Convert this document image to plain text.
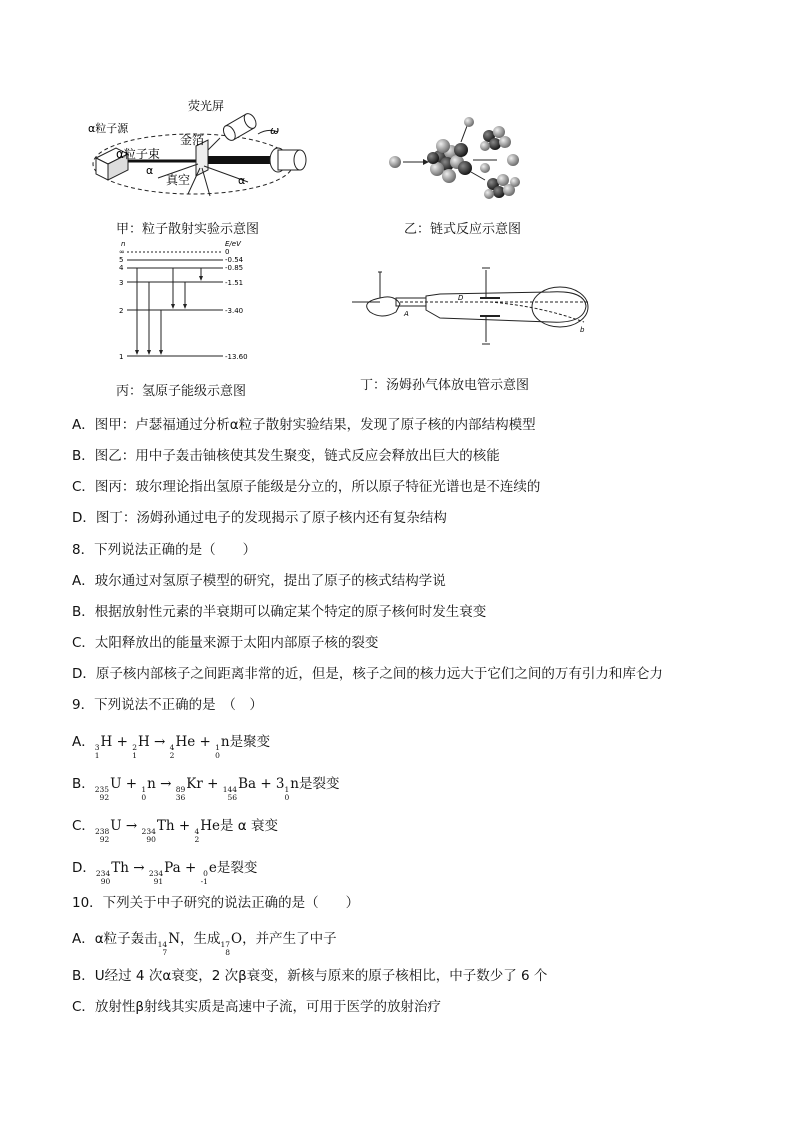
荧光屏
α粒子源
金箔
α粒子束
真空
α
α
ω
甲：粒子散射实验示意图	乙：链式反应示意图
n	E/eV
∞
5
4
3
2
1
0
-0.54
-0.85
-1.51
-3.40
-13.60
丙：氢原子能级示意图
A
D
b
丁：汤姆孙气体放电管示意图
A．图甲：卢瑟福通过分析α粒子散射实验结果，发现了原子核的内部结构模型
B．图乙：用中子轰击铀核使其发生聚变，链式反应会释放出巨大的核能
C．图丙：玻尔理论指出氢原子能级是分立的，所以原子特征光谱也是不连续的
D．图丁：汤姆孙通过电子的发现揭示了原子核内还有复杂结构
8．下列说法正确的是（　　）
A．玻尔通过对氢原子模型的研究，提出了原子的核式结构学说
B．根据放射性元素的半衰期可以确定某个特定的原子核何时发生衰变
C．太阳释放出的能量来源于太阳内部原子核的裂变
D．原子核内部核子之间距离非常的近，但是，核子之间的核力远大于它们之间的万有引力和库仑力
9．下列说法不正确的是　（　）
A． 3
1
H + 2
1
H → 4
2
He + 1
0
n是聚变
B． 235
92
U + 1
0
n → 89
36
Kr + 144
56
Ba + 3 1
0
n是裂变
C． 238
92
U → 234
90
Th + 4
2
He是 α 衰变
D． 234
90
Th → 234
91
Pa + 0
-1
e是裂变
10．下列关于中子研究的说法正确的是（　　）
A．α粒子轰击 14
7
N，生成 17
8
O，并产生了中子
B．U经过 4 次α衰变，2 次β衰变，新核与原来的原子核相比，中子数少了 6 个
C．放射性β射线其实质是高速中子流，可用于医学的放射治疗
